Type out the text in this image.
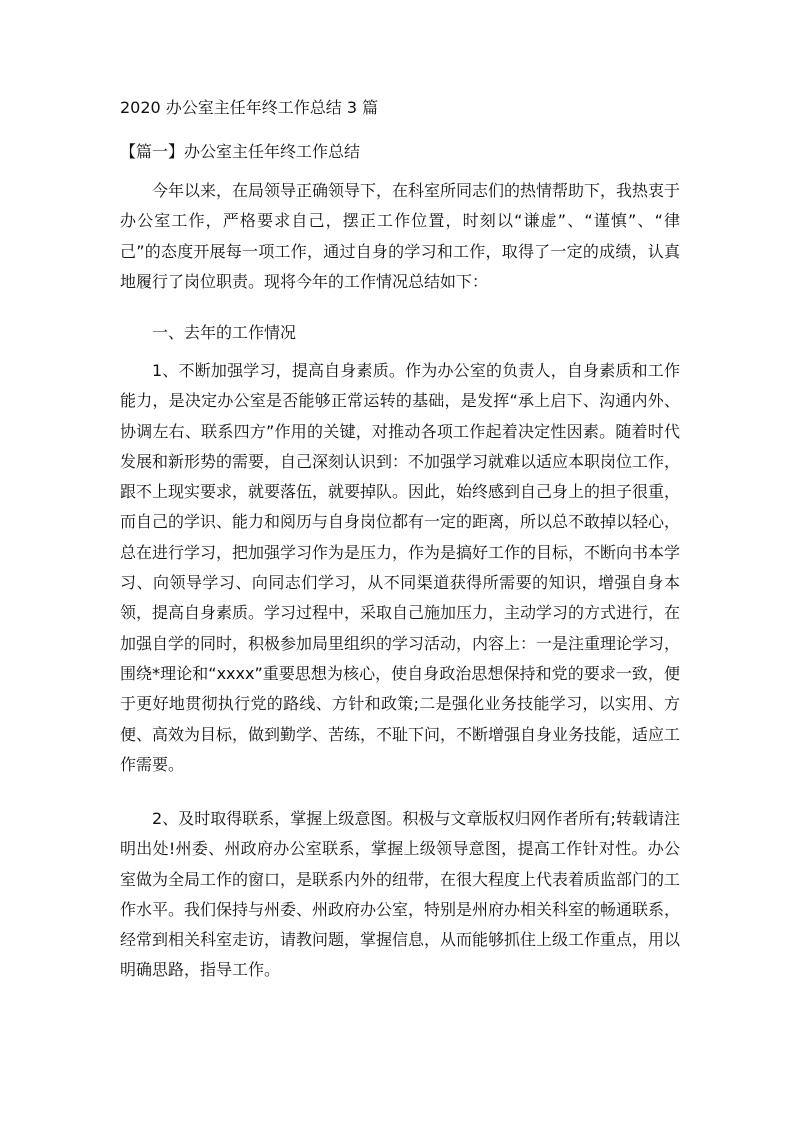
2020 办公室主任年终工作总结 3 篇
【篇一】办公室主任年终工作总结

今年以来，在局领导正确领导下，在科室所同志们的热情帮助下，我热衷于办公室工作，严格要求自己，摆正工作位置，时刻以“谦虚”、“谨慎”、“律己”的态度开展每一项工作，通过自身的学习和工作，取得了一定的成绩，认真地履行了岗位职责。现将今年的工作情况总结如下：

一、去年的工作情况

1、不断加强学习，提高自身素质。作为办公室的负责人，自身素质和工作能力，是决定办公室是否能够正常运转的基础，是发挥“承上启下、沟通内外、协调左右、联系四方”作用的关键，对推动各项工作起着决定性因素。随着时代发展和新形势的需要，自己深刻认识到：不加强学习就难以适应本职岗位工作，跟不上现实要求，就要落伍，就要掉队。因此，始终感到自己身上的担子很重，而自己的学识、能力和阅历与自身岗位都有一定的距离，所以总不敢掉以轻心，总在进行学习，把加强学习作为是压力，作为是搞好工作的目标，不断向书本学习、向领导学习、向同志们学习，从不同渠道获得所需要的知识，增强自身本领，提高自身素质。学习过程中，采取自己施加压力，主动学习的方式进行，在加强自学的同时，积极参加局里组织的学习活动，内容上：一是注重理论学习，围绕*理论和“xxxx”重要思想为核心，使自身政治思想保持和党的要求一致，便于更好地贯彻执行党的路线、方针和政策;二是强化业务技能学习，以实用、方便、高效为目标，做到勤学、苦练，不耻下问，不断增强自身业务技能，适应工作需要。

2、及时取得联系，掌握上级意图。积极与文章版权归网作者所有;转载请注明出处!州委、州政府办公室联系，掌握上级领导意图，提高工作针对性。办公室做为全局工作的窗口，是联系内外的纽带，在很大程度上代表着质监部门的工作水平。我们保持与州委、州政府办公室，特别是州府办相关科室的畅通联系，经常到相关科室走访，请教问题，掌握信息，从而能够抓住上级工作重点，用以明确思路，指导工作。
